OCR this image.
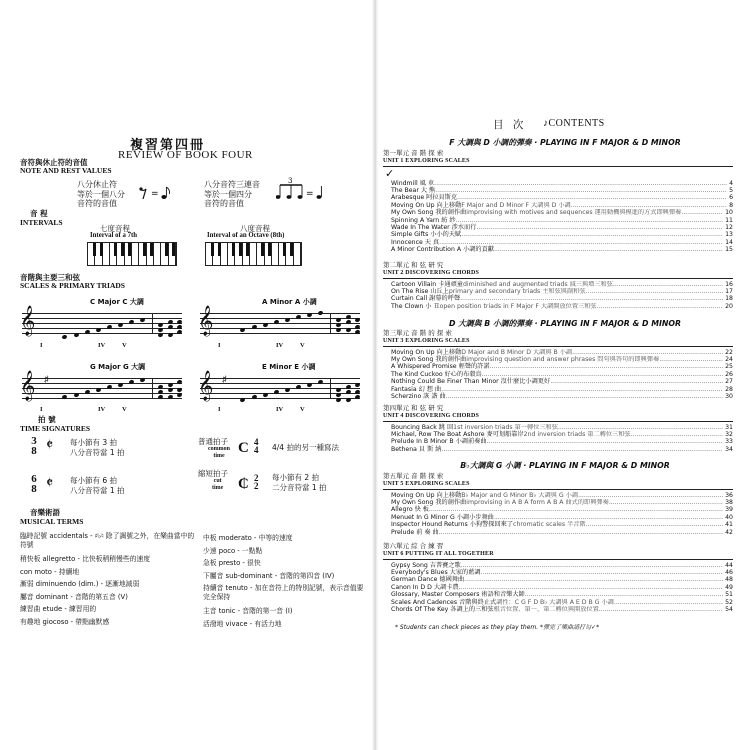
複習第四冊
REVIEW OF BOOK FOUR
音符與休止符的音值
NOTE AND REST VALUES
八分休止符
等於一個八分
音符的音值
=
八分音符三連音
等於一個四分
音符的音值
3
=
音 程
INTERVALS
七度音程
Interval of a 7th
八度音程
Interval of an Octave (8th)
音階與主要三和弦
SCALES & PRIMARY TRIADS
C Major C 大調	A Minor A 小調
G Major G 大調	E Minor E 小調
𝄞
I	IV	V
𝄞
I	IV	V
𝄞 ♯
I	IV	V
𝄞 ♯
I	IV	V
拍 號
TIME SIGNATURES
3
8 𝄵 每小節有 3 拍
八分音符當 1 拍
6
8 𝄵 每小節有 6 拍
八分音符當 1 拍
普通拍子
common
time C 4
4 4/4 拍的另一種寫法
縮短拍子
cut
time ₵ 2
2
每小節有 2 拍
二分音符當 1 拍
音樂術語
MUSICAL TERMS
臨時記號 accidentals - ♯♭♮ 除了調號之外，在樂曲當中的符號
稍快板 allegretto - 比快板稍稍慢些的速度
con moto - 持續地
漸弱 diminuendo (dim.) - 逐漸地減弱
屬音 dominant - 音階的第五音 (V)
練習曲 etude - 練習用的
有趣地 giocoso - 帶點幽默感
中板 moderato - 中等的速度
少速 poco - 一點點
急板 presto - 很快
下屬音 sub-dominant - 音階的第四音 (IV)
持續音 tenuto - 加在音符上的特別記號，表示音值要完全保持
主音 tonic - 音階的第一音 (I)
活潑地 vivace - 有活力地
目 次 ♪CONTENTS
F 大調與 D 小調的彈奏 · PLAYING IN F MAJOR & D MINOR
第一單元 音 階 探 索
UNIT 1 EXPLORING SCALES
✓
Windmill 風 車 .....	4
The Bear 大 熊 .....	5
Arabesque 阿拉貝斯克 .....	6
Moving On Up 向上移動 F Major and D Minor F 大調與 D 小調 .....	8
My Own Song 我的創作曲 improvising with motives and sequences 運用動機與模進的方式即興彈奏 .....	10
Spinning A Yarn 紡 紗 .....	11
Wade In The Water 涉水而行 .....	12
Simple Gifts 小小的天賦 .....	13
Innocence 天 真 .....	14
A Minor Contribution A 小調的貢獻 .....	15
第二單元 和 弦 研 究
UNIT 2 DISCOVERING CHORDS
Cartoon Villain 卡通頑童 diminished and augmented triads 減三與增三和弦 .....	16
On The Rise 山丘上 primary and secondary triads 主和弦與副和弦 .....	17
Curtain Call 謝幕的呼聲 .....	18
The Clown 小 丑 open position triads in F Major F 大調開放位置三和弦 .....	20
D 大調與 B 小調的彈奏 · PLAYING IN F MAJOR & D MINOR
第三單元 音 階 的 探 索
UNIT 3 EXPLORING SCALES
Moving On Up 向上移動 D Major and B Minor D 大調與 B 小調 .....	22
My Own Song 我的創作曲 improvising question and answer phrases 問句與答句的即興彈奏 .....	24
A Whispered Promise 輕聲的許諾 .....	25
The Kind Cuckoo 好心的布穀鳥 .....	26
Nothing Could Be Finer Than Minor 沒什麼比小調更好 .....	27
Fantasia 幻 想 曲 .....	28
Scherzino 詼 諧 曲 .....	30
第四單元 和 弦 研 究
UNIT 4 DISCOVERING CHORDS
Bouncing Back 跳 回 1st inversion triads 第一轉位三和弦 .....	31
Michael, Row The Boat Ashore 麥可划船靠岸 2nd inversion triads 第二轉位三和弦 .....	32
Prelude In B Minor B 小調前奏曲 .....	33
Bethena 貝 斯 納 .....	34
B♭大調與 G 小調 · PLAYING IN F MAJOR & D MINOR
第五單元 音 階 探 索
UNIT 5 EXPLORING SCALES
Moving On Up 向上移動 B♭ Major and G Minor B♭ 大調與 G 小調 .....	36
My Own Song 我的創作曲 improvising in A B A form A B A 曲式的即興彈奏 .....	38
Allegro 快 板 .....	39
Menuet In G Minor G 小調小步舞曲 .....	40
Inspector Hound Returns 小狗警探回來了 chromatic scales 半音階 .....	41
Prelude 前 奏 曲 .....	42
第六單元 綜 合 練 習
UNIT 6 PUTTING IT ALL TOGETHER
Gypsy Song 吉普賽之歌 .....	44
Everybody's Blues 大家的藍調 .....	46
German Dance 德國舞曲 .....	48
Canon In D D 大調卡農 .....	49
Glossary, Master Composers 術語和音樂大師 .....	51
Scales And Cadences 音階與終止式 調性：C G F D B♭ 大調與 A E D B G 小調 .....	52
Chords Of The Key 各調上的三和弦 根音位置、第一、第二轉位與開放位置 .....	54
* Students can check pieces as they play them. *彈完了樂曲請打勾✓*
